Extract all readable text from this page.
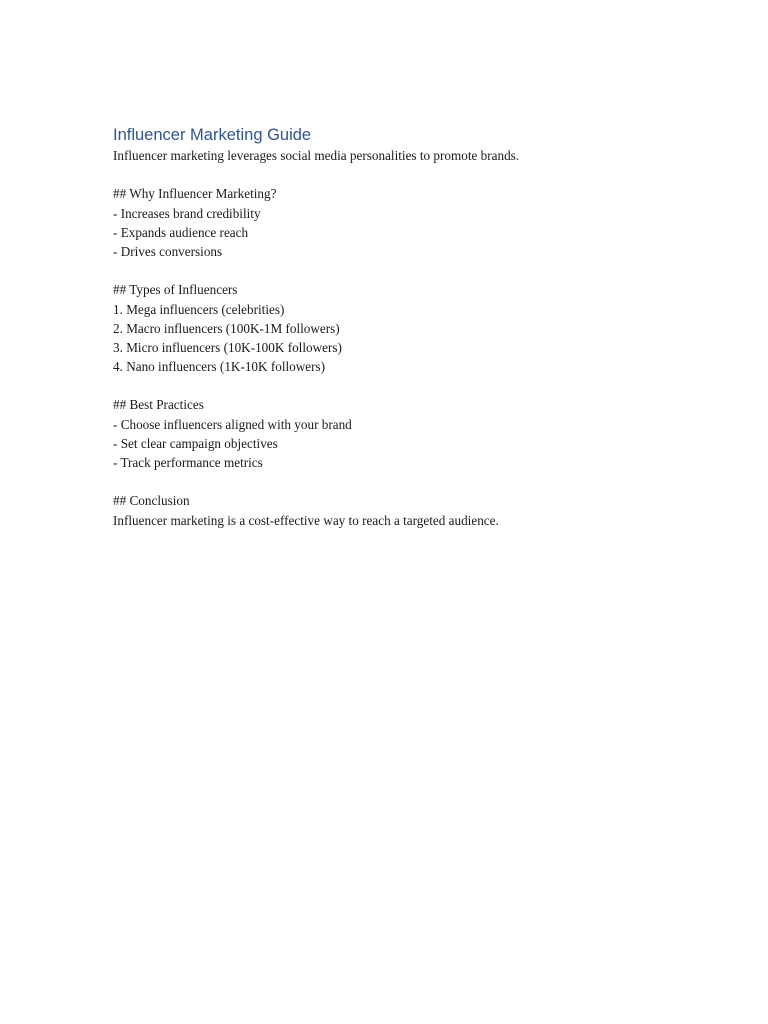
Influencer Marketing Guide
Influencer marketing leverages social media personalities to promote brands.
## Why Influencer Marketing?
- Increases brand credibility
- Expands audience reach
- Drives conversions
## Types of Influencers
1. Mega influencers (celebrities)
2. Macro influencers (100K-1M followers)
3. Micro influencers (10K-100K followers)
4. Nano influencers (1K-10K followers)
## Best Practices
- Choose influencers aligned with your brand
- Set clear campaign objectives
- Track performance metrics
## Conclusion
Influencer marketing is a cost-effective way to reach a targeted audience.
